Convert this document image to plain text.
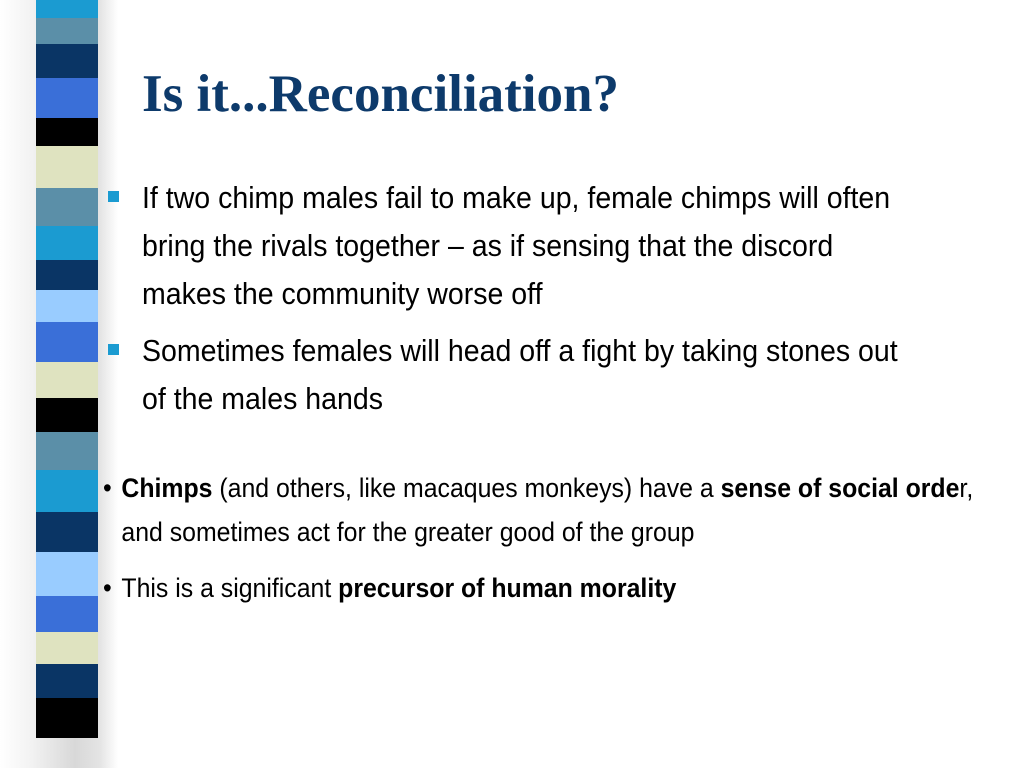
Is it...Reconciliation?
If two chimp males fail to make up, female chimps will often bring the rivals together – as if sensing that the discord makes the community worse off
Sometimes females will head off a fight by taking stones out of the males hands
• Chimps (and others, like macaques monkeys) have a sense of social order, and sometimes act for the greater good of the group
• This is a significant precursor of human morality
